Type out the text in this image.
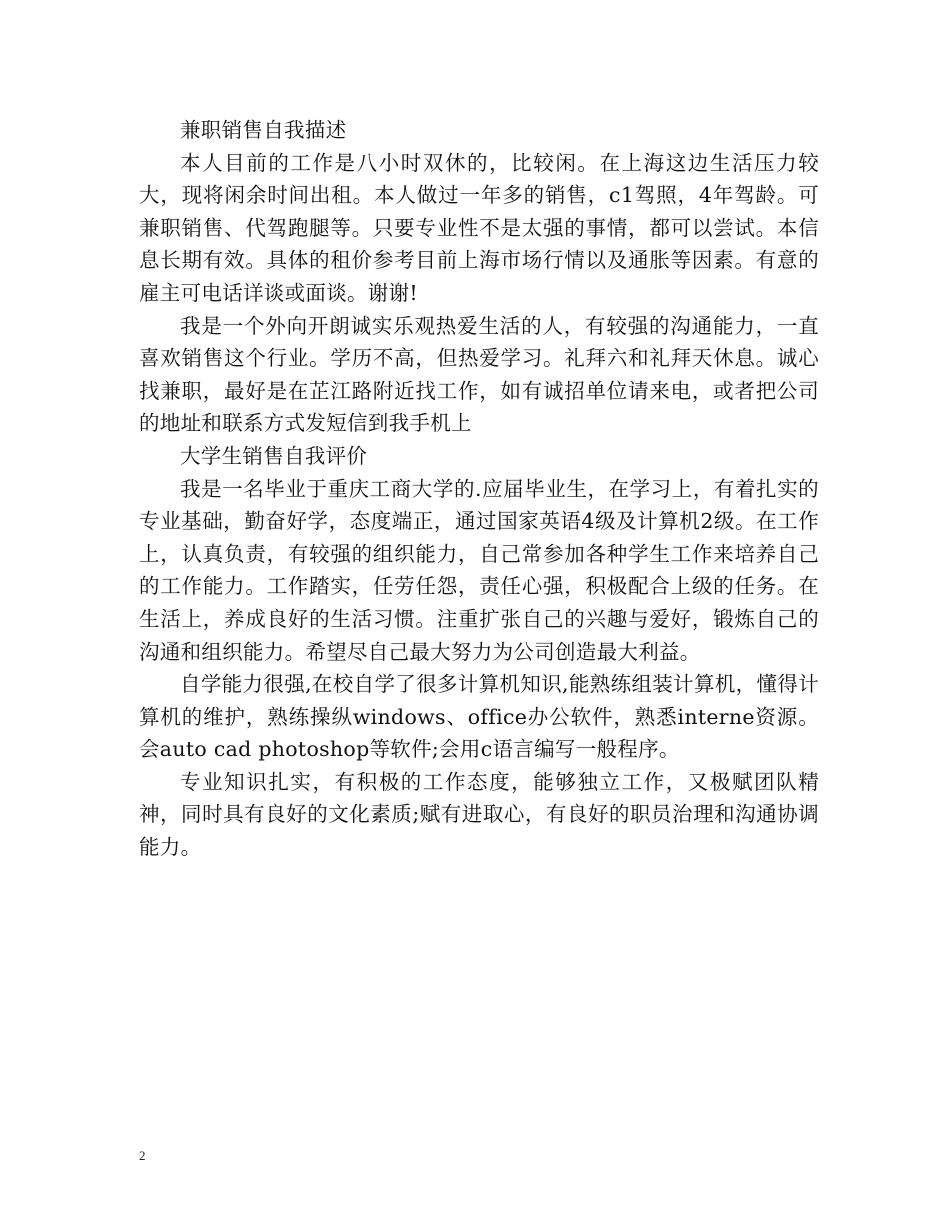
兼职销售自我描述

本人目前的工作是八小时双休的，比较闲。在上海这边生活压力较大，现将闲余时间出租。本人做过一年多的销售，c1驾照，4年驾龄。可兼职销售、代驾跑腿等。只要专业性不是太强的事情，都可以尝试。本信息长期有效。具体的租价参考目前上海市场行情以及通胀等因素。有意的雇主可电话详谈或面谈。谢谢!

我是一个外向开朗诚实乐观热爱生活的人，有较强的沟通能力，一直喜欢销售这个行业。学历不高，但热爱学习。礼拜六和礼拜天休息。诚心找兼职，最好是在芷江路附近找工作，如有诚招单位请来电，或者把公司的地址和联系方式发短信到我手机上

大学生销售自我评价

我是一名毕业于重庆工商大学的.应届毕业生，在学习上，有着扎实的专业基础，勤奋好学，态度端正，通过国家英语4级及计算机2级。在工作上，认真负责，有较强的组织能力，自己常参加各种学生工作来培养自己的工作能力。工作踏实，任劳任怨，责任心强，积极配合上级的任务。在生活上，养成良好的生活习惯。注重扩张自己的兴趣与爱好，锻炼自己的沟通和组织能力。希望尽自己最大努力为公司创造最大利益。

自学能力很强,在校自学了很多计算机知识,能熟练组装计算机，懂得计算机的维护，熟练操纵windows、office办公软件，熟悉interne资源。会auto cad photoshop等软件;会用c语言编写一般程序。

专业知识扎实，有积极的工作态度，能够独立工作，又极赋团队精神，同时具有良好的文化素质;赋有进取心，有良好的职员治理和沟通协调能力。

2
